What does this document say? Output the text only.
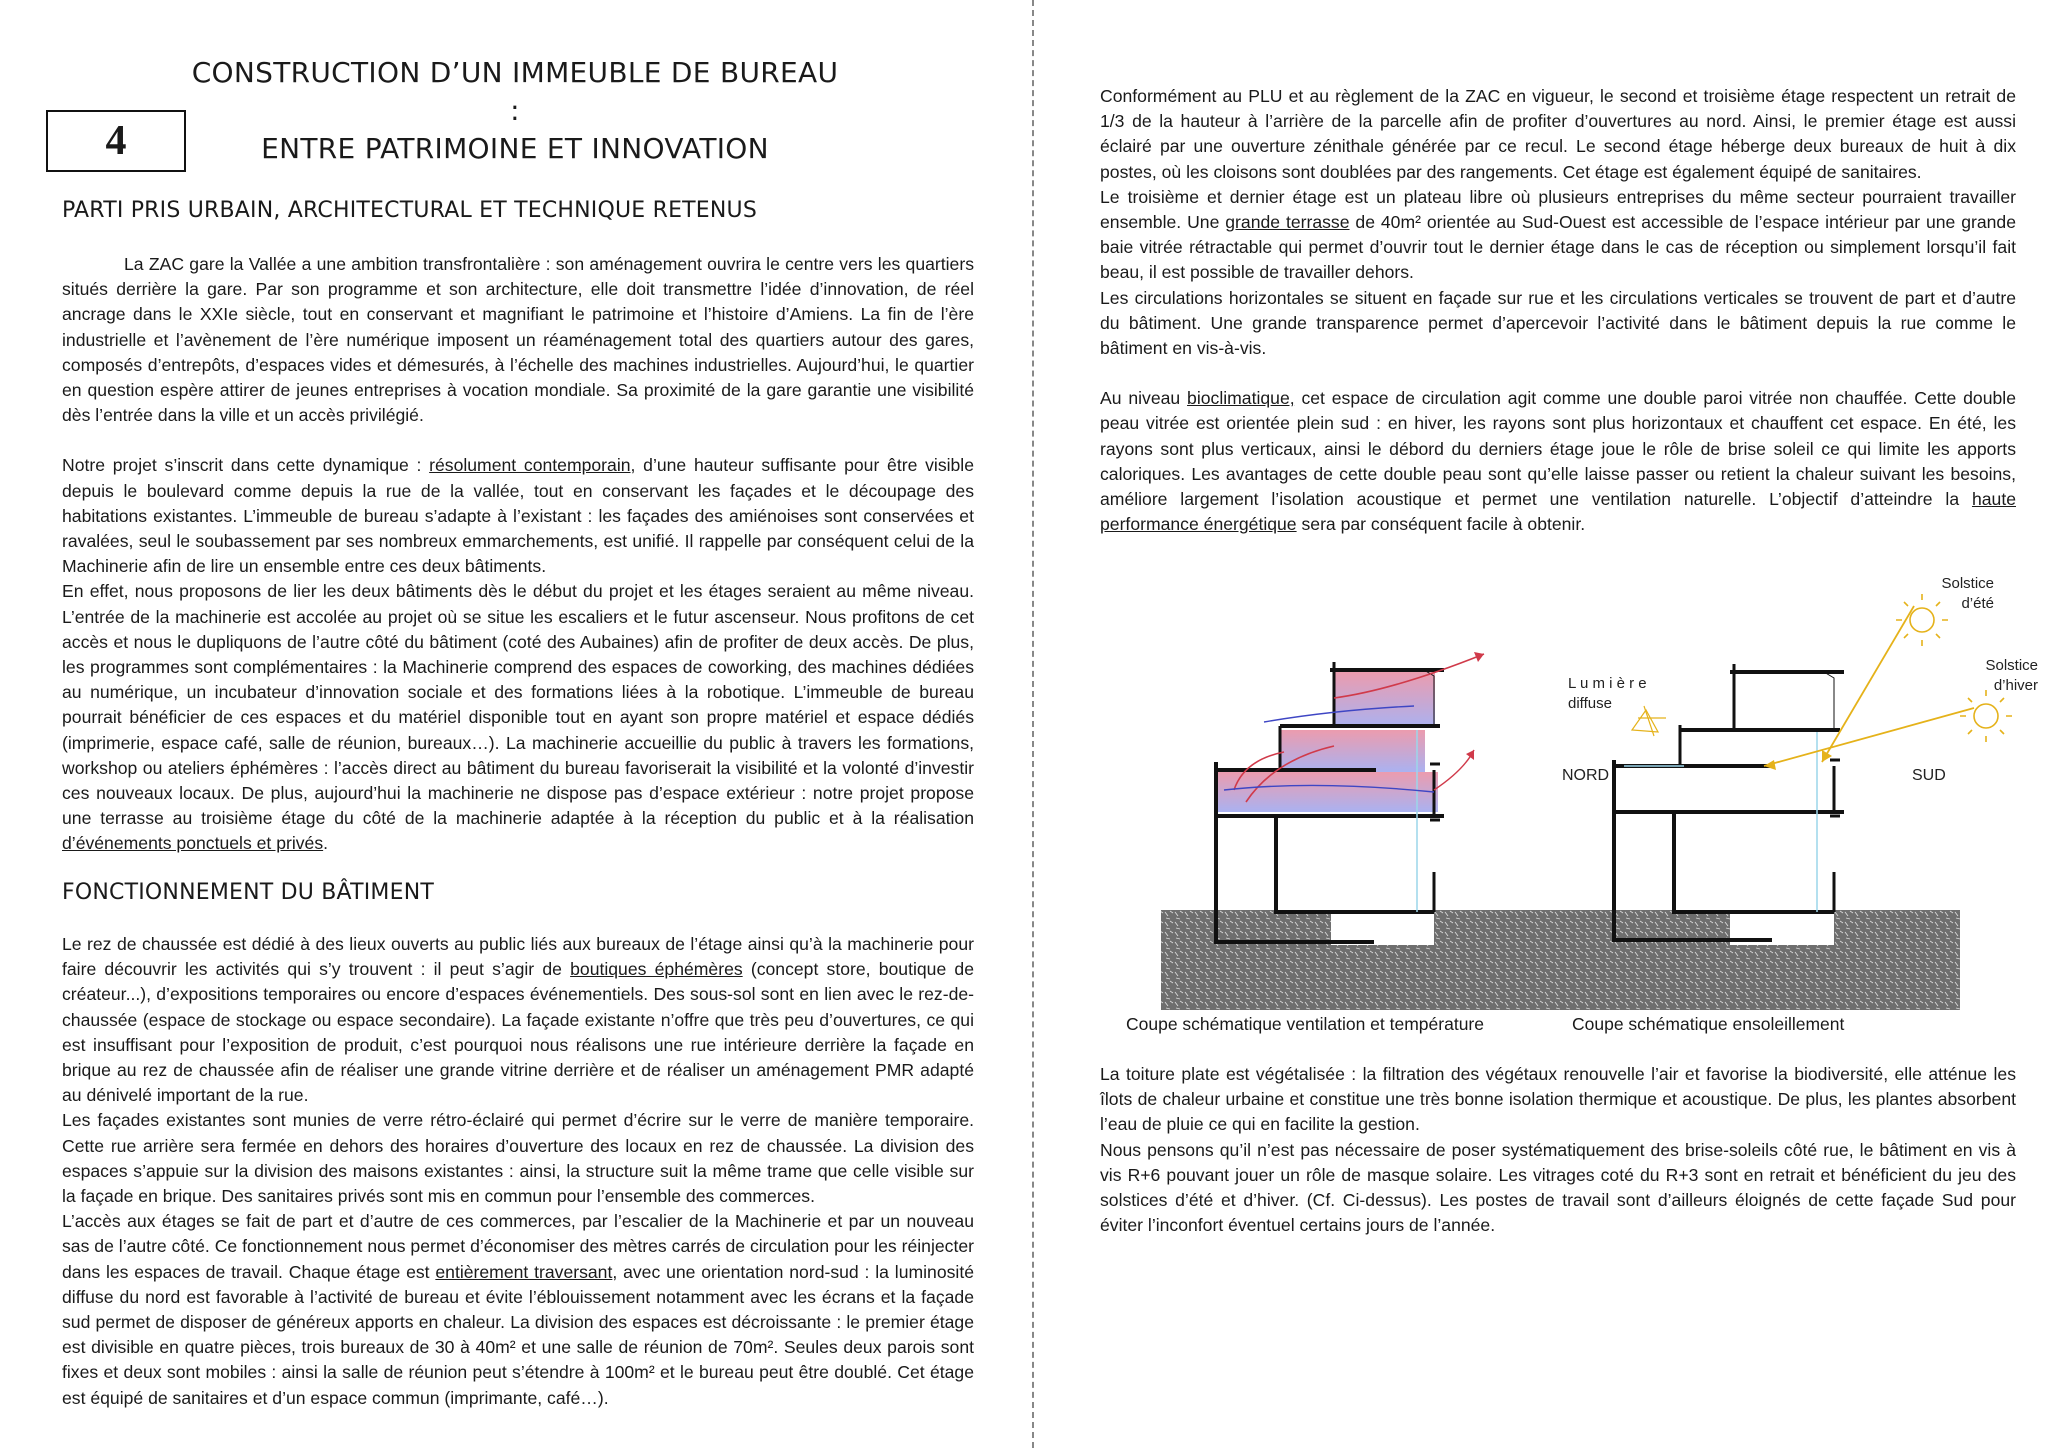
CONSTRUCTION D’UN IMMEUBLE DE BUREAU :
ENTRE PATRIMOINE ET INNOVATION
4
PARTI PRIS URBAIN, ARCHITECTURAL ET TECHNIQUE RETENUS

La ZAC gare la Vallée a une ambition transfrontalière : son aménagement ouvrira le centre vers les quartiers situés derrière la gare. Par son programme et son architecture, elle doit transmettre l’idée d’innovation, de réel ancrage dans le XXIe siècle, tout en conservant et magnifiant le patrimoine et l’histoire d’Amiens. La fin de l’ère industrielle et l’avènement de l’ère numérique imposent un réaménagement total des quartiers autour des gares, composés d’entrepôts, d’espaces vides et démesurés, à l’échelle des machines industrielles. Aujourd’hui, le quartier en question espère attirer de jeunes entreprises à vocation mondiale. Sa proximité de la gare garantie une visibilité dès l’entrée dans la ville et un accès privilégié.

Notre projet s’inscrit dans cette dynamique : résolument contemporain, d’une hauteur suffisante pour être visible depuis le boulevard comme depuis la rue de la vallée, tout en conservant les façades et le découpage des habitations existantes. L’immeuble de bureau s’adapte à l’existant : les façades des amiénoises sont conservées et ravalées, seul le soubassement par ses nombreux emmarchements, est unifié. Il rappelle par conséquent celui de la Machinerie afin de lire un ensemble entre ces deux bâtiments.

En effet, nous proposons de lier les deux bâtiments dès le début du projet et les étages seraient au même niveau. L’entrée de la machinerie est accolée au projet où se situe les escaliers et le futur ascenseur. Nous profitons de cet accès et nous le dupliquons de l’autre côté du bâtiment (coté des Aubaines) afin de profiter de deux accès. De plus, les programmes sont complémentaires : la Machinerie comprend des espaces de coworking, des machines dédiées au numérique, un incubateur d’innovation sociale et des formations liées à la robotique. L’immeuble de bureau pourrait bénéficier de ces espaces et du matériel disponible tout en ayant son propre matériel et espace dédiés (imprimerie, espace café, salle de réunion, bureaux…). La machinerie accueillie du public à travers les formations, workshop ou ateliers éphémères : l’accès direct au bâtiment du bureau favoriserait la visibilité et la volonté d’investir ces nouveaux locaux. De plus, aujourd’hui la machinerie ne dispose pas d’espace extérieur : notre projet propose une terrasse au troisième étage du côté de la machinerie adaptée à la réception du public et à la réalisation d’événements ponctuels et privés.

FONCTIONNEMENT DU BÂTIMENT

Le rez de chaussée est dédié à des lieux ouverts au public liés aux bureaux de l’étage ainsi qu’à la machinerie pour faire découvrir les activités qui s’y trouvent : il peut s’agir de boutiques éphémères (concept store, boutique de créateur...), d’expositions temporaires ou encore d’espaces événementiels. Des sous-sol sont en lien avec le rez-de-chaussée (espace de stockage ou espace secondaire). La façade existante n’offre que très peu d’ouvertures, ce qui est insuffisant pour l’exposition de produit, c’est pourquoi nous réalisons une rue intérieure derrière la façade en brique au rez de chaussée afin de réaliser une grande vitrine derrière et de réaliser un aménagement PMR adapté au dénivelé important de la rue.

Les façades existantes sont munies de verre rétro-éclairé qui permet d’écrire sur le verre de manière temporaire. Cette rue arrière sera fermée en dehors des horaires d’ouverture des locaux en rez de chaussée. La division des espaces s’appuie sur la division des maisons existantes : ainsi, la structure suit la même trame que celle visible sur la façade en brique. Des sanitaires privés sont mis en commun pour l’ensemble des commerces.

L’accès aux étages se fait de part et d’autre de ces commerces, par l’escalier de la Machinerie et par un nouveau sas de l’autre côté. Ce fonctionnement nous permet d’économiser des mètres carrés de circulation pour les réinjecter dans les espaces de travail. Chaque étage est entièrement traversant, avec une orientation nord-sud : la luminosité diffuse du nord est favorable à l’activité de bureau et évite l’éblouissement notamment avec les écrans et la façade sud permet de disposer de généreux apports en chaleur. La division des espaces est décroissante : le premier étage est divisible en quatre pièces, trois bureaux de 30 à 40m² et une salle de réunion de 70m². Seules deux parois sont fixes et deux sont mobiles : ainsi la salle de réunion peut s’étendre à 100m² et le bureau peut être doublé. Cet étage est équipé de sanitaires et d’un espace commun (imprimante, café…).

Conformément au PLU et au règlement de la ZAC en vigueur, le second et troisième étage respectent un retrait de 1/3 de la hauteur à l’arrière de la parcelle afin de profiter d’ouvertures au nord. Ainsi, le premier étage est aussi éclairé par une ouverture zénithale générée par ce recul. Le second étage héberge deux bureaux de huit à dix postes, où les cloisons sont doublées par des rangements. Cet étage est également équipé de sanitaires.

Le troisième et dernier étage est un plateau libre où plusieurs entreprises du même secteur pourraient travailler ensemble. Une grande terrasse de 40m² orientée au Sud-Ouest est accessible de l’espace intérieur par une grande baie vitrée rétractable qui permet d’ouvrir tout le dernier étage dans le cas de réception ou simplement lorsqu’il fait beau, il est possible de travailler dehors.

Les circulations horizontales se situent en façade sur rue et les circulations verticales se trouvent de part et d’autre du bâtiment. Une grande transparence permet d’apercevoir l’activité dans le bâtiment depuis la rue comme le bâtiment en vis-à-vis.

Au niveau bioclimatique, cet espace de circulation agit comme une double paroi vitrée non chauffée. Cette double peau vitrée est orientée plein sud : en hiver, les rayons sont plus horizontaux et chauffent cet espace. En été, les rayons sont plus verticaux, ainsi le débord du derniers étage joue le rôle de brise soleil ce qui limite les apports caloriques. Les avantages de cette double peau sont qu’elle laisse passer ou retient la chaleur suivant les besoins, améliore largement l’isolation acoustique et permet une ventilation naturelle. L’objectif d’atteindre la haute performance énergétique sera par conséquent facile à obtenir.

L u m i è r e
diffuse
NORD	SUD
Solstice
d’été
Solstice
d’hiver
Coupe schématique ventilation et température	Coupe schématique ensoleillement

La toiture plate est végétalisée : la filtration des végétaux renouvelle l’air et favorise la biodiversité, elle atténue les îlots de chaleur urbaine et constitue une très bonne isolation thermique et acoustique. De plus, les plantes absorbent l’eau de pluie ce qui en facilite la gestion.

Nous pensons qu’il n’est pas nécessaire de poser systématiquement des brise-soleils côté rue, le bâtiment en vis à vis R+6 pouvant jouer un rôle de masque solaire. Les vitrages coté du R+3 sont en retrait et bénéficient du jeu des solstices d’été et d’hiver. (Cf. Ci-dessus). Les postes de travail sont d’ailleurs éloignés de cette façade Sud pour éviter l’inconfort éventuel certains jours de l’année.
